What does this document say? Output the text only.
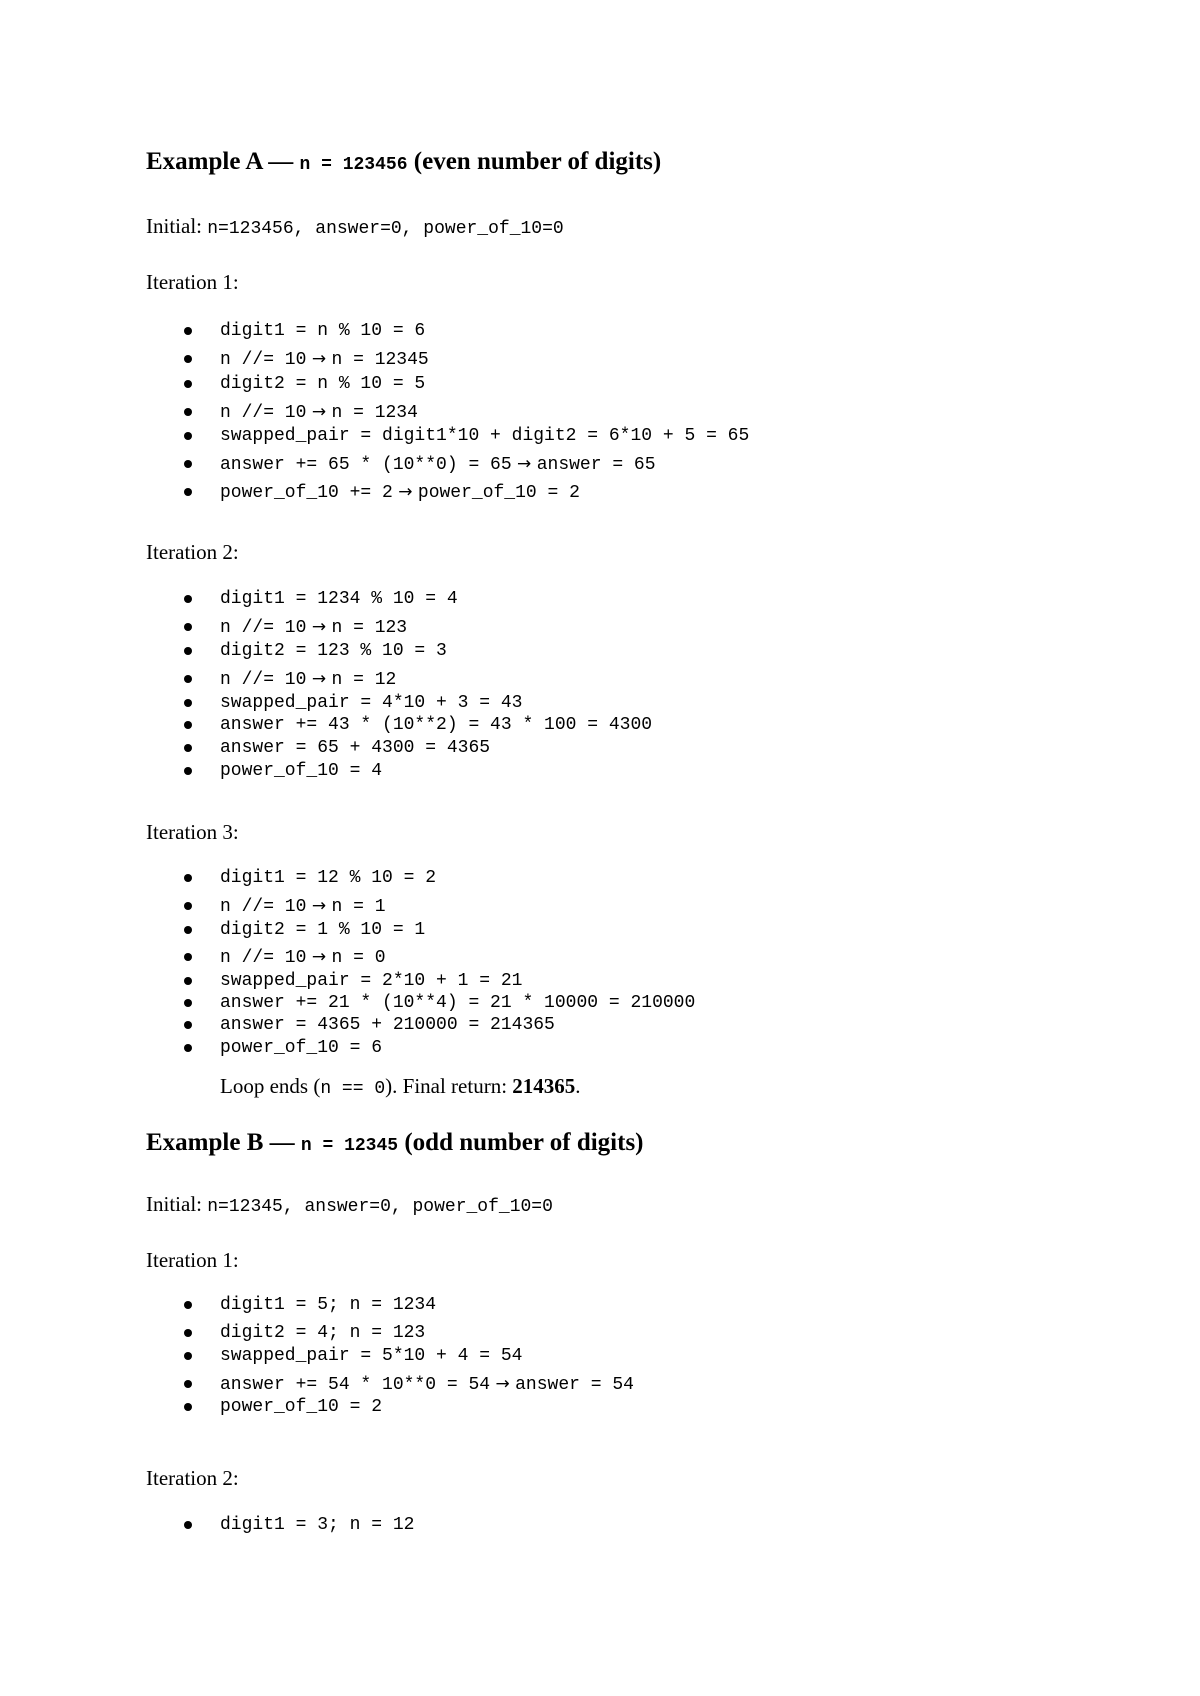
Example A — n = 123456 (even number of digits)

Initial: n=123456, answer=0, power_of_10=0

Iteration 1:

digit1 = n % 10 = 6
n //= 10 → n = 12345
digit2 = n % 10 = 5
n //= 10 → n = 1234
swapped_pair = digit1*10 + digit2 = 6*10 + 5 = 65
answer += 65 * (10**0) = 65 → answer = 65
power_of_10 += 2 → power_of_10 = 2

Iteration 2:

digit1 = 1234 % 10 = 4
n //= 10 → n = 123
digit2 = 123 % 10 = 3
n //= 10 → n = 12
swapped_pair = 4*10 + 3 = 43
answer += 43 * (10**2) = 43 * 100 = 4300
answer = 65 + 4300 = 4365
power_of_10 = 4

Iteration 3:

digit1 = 12 % 10 = 2
n //= 10 → n = 1
digit2 = 1 % 10 = 1
n //= 10 → n = 0
swapped_pair = 2*10 + 1 = 21
answer += 21 * (10**4) = 21 * 10000 = 210000
answer = 4365 + 210000 = 214365
power_of_10 = 6

Loop ends (n == 0). Final return: 214365.

Example B — n = 12345 (odd number of digits)

Initial: n=12345, answer=0, power_of_10=0

Iteration 1:

digit1 = 5; n = 1234
digit2 = 4; n = 123
swapped_pair = 5*10 + 4 = 54
answer += 54 * 10**0 = 54 → answer = 54
power_of_10 = 2

Iteration 2:

digit1 = 3; n = 12
